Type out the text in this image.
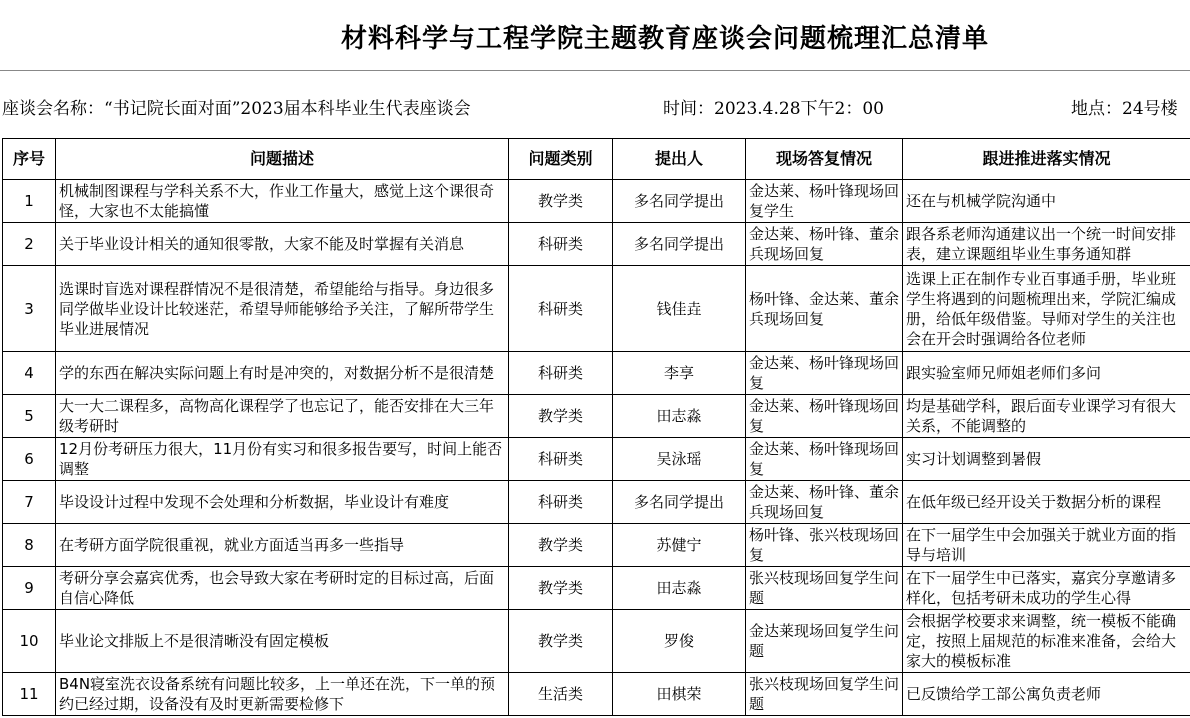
材料科学与工程学院主题教育座谈会问题梳理汇总清单
座谈会名称：“书记院长面对面”2023届本科毕业生代表座谈会	时间：2023.4.28下午2：00	地点：24号楼
序号	问题描述	问题类别	提出人	现场答复情况	跟进推进落实情况
1	机械制图课程与学科关系不大，作业工作量大，感觉上这个课很奇怪，大家也不太能搞懂	教学类	多名同学提出	金达莱、杨叶锋现场回复学生	还在与机械学院沟通中
2	关于毕业设计相关的通知很零散，大家不能及时掌握有关消息	科研类	多名同学提出	金达莱、杨叶锋、董余兵现场回复	跟各系老师沟通建议出一个统一时间安排表，建立课题组毕业生事务通知群
3	选课时盲选对课程群情况不是很清楚，希望能给与指导。身边很多同学做毕业设计比较迷茫，希望导师能够给予关注，了解所带学生毕业进展情况	科研类	钱佳垚	杨叶锋、金达莱、董余兵现场回复	选课上正在制作专业百事通手册，毕业班学生将遇到的问题梳理出来，学院汇编成册，给低年级借鉴。导师对学生的关注也会在开会时强调给各位老师
4	学的东西在解决实际问题上有时是冲突的，对数据分析不是很清楚	科研类	李享	金达莱、杨叶锋现场回复	跟实验室师兄师姐老师们多问
5	大一大二课程多，高物高化课程学了也忘记了，能否安排在大三年级考研时	教学类	田志淼	金达莱、杨叶锋现场回复	均是基础学科，跟后面专业课学习有很大关系，不能调整的
6	12月份考研压力很大，11月份有实习和很多报告要写，时间上能否调整	科研类	吴泳瑶	金达莱、杨叶锋现场回复	实习计划调整到暑假
7	毕设设计过程中发现不会处理和分析数据，毕业设计有难度	科研类	多名同学提出	金达莱、杨叶锋、董余兵现场回复	在低年级已经开设关于数据分析的课程
8	在考研方面学院很重视，就业方面适当再多一些指导	教学类	苏健宁	杨叶锋、张兴枝现场回复	在下一届学生中会加强关于就业方面的指导与培训
9	考研分享会嘉宾优秀，也会导致大家在考研时定的目标过高，后面自信心降低	教学类	田志淼	张兴枝现场回复学生问题	在下一届学生中已落实，嘉宾分享邀请多样化，包括考研未成功的学生心得
10	毕业论文排版上不是很清晰没有固定模板	教学类	罗俊	金达莱现场回复学生问题	会根据学校要求来调整，统一模板不能确定，按照上届规范的标准来准备，会给大家大的模板标准
11	B4N寝室洗衣设备系统有问题比较多，上一单还在洗，下一单的预约已经过期，设备没有及时更新需要检修下	生活类	田棋荣	张兴枝现场回复学生问题	已反馈给学工部公寓负责老师
